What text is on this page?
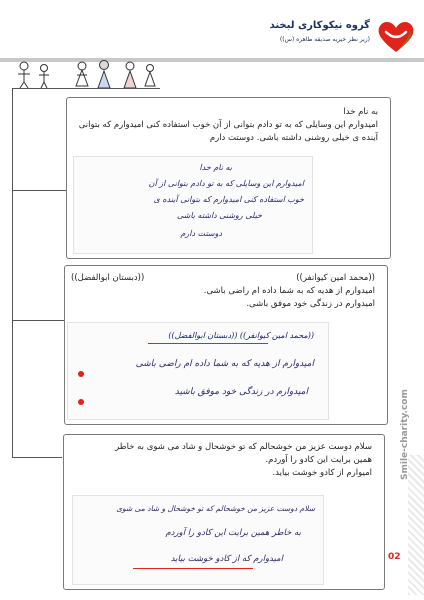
گروه نیکوکاری لبخند
(زیر نظر خیریه صدیقه طاهره (س))
به نام خدا
امیدوارم این وسایلی که به تو دادم بتوانی از آن خوب استفاده کنی امیدوارم که بتوانی
آینده ی خیلی روشنی داشته باشی. دوستت دارم
به نام خدا
امیدوارم این وسایلی که به تو دادم بتوانی از آن
خوب استفاده کنی امیدوارم که بتوانی آینده ی
خیلی روشنی داشته باشی
دوستت دارم
((محمد امین کیوانفر))
((دبستان ابوالفضل))
امیدوارم از هدیه که به شما داده ام راضی باشی.
امیدوارم در زندگی خود موفق باشی.
((محمد امین کیوانفر)) ((دبستان ابوالفضل))
امیدوارم از هدیه که به شما داده ام راضی باشی
امیدوارم در زندگی خود موفق باشید
سلام دوست عزیز من خوشحالم که تو خوشحال و شاد می شوی به خاطر
همین برایت این کادو را آوردم.
امیوارم از کادو خوشت بیاید.
سلام دوست عزیز من خوشحالم که تو خوشحال و شاد می شوی
به خاطر همین برایت این کادو را آوردم
امیدوارم که از کادو خوشت بیاید
Smile-charity.com
02
